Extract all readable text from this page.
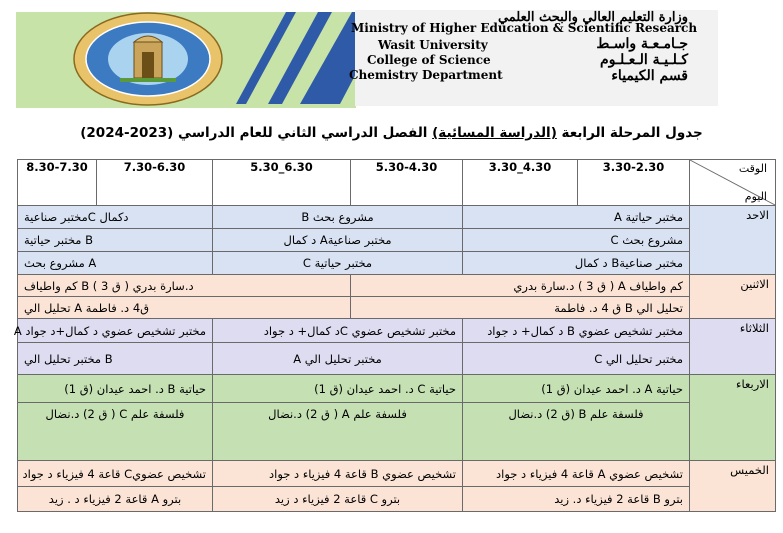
وزارة التعليم العالي والبحث العلمي
Ministry of Higher Education & Scientific Research
Wasit University
College of Science
Chemistry Department
جـامـعـة واسـط
كـلـيـة الـعـلـوم
قسم الكيمياء
جدول المرحلة الرابعة (الدراسة المسائية) الفصل الدراسي الثاني للعام الدراسي (2023-2024)
الوقت
اليوم	3.30-2.30	4.30_3.30	5.30-4.30	6.30_5.30	7.30-6.30	8.30-7.30
الاحد	مختبر حياتية A		مشروع بحث B		مختبر صناعيةC دكمال	
	مشروع بحث C		مختبر صناعيةA د كمال		مختبر حياتية B	
	مختبر صناعيةB د كمال		مختبر حياتية C		مشروع بحث A	
الاثنين	كم واطياف A ( ق 3 ) د.سارة بدري			كم واطياف B ( ق 3 ) د.سارة بدري		
	تحليل الي B ق 4 د. فاطمة			تحليل الي A ق4 د. فاطمة		
الثلاثاء	مختبر تشخيص عضوي B د كمال+ د جواد		مختبر تشخيص عضوي Cد كمال+ د جواد		مختبر تشخيص عضوي د كمال+د جواد A	
	مختبر تحليل الي C		مختبر تحليل الي A		مختبر تحليل الي B	
الاربعاء	حياتية A د. احمد عيدان (ق 1)		حياتية C د. احمد عيدان (ق 1)		حياتية B د. احمد عيدان (ق 1)	
	فلسفة علم B (ق 2) د.نضال		فلسفة علم A ( ق 2) د.نضال		فلسفة علم C ( ق 2) د.نضال	
الخميس	تشخيص عضوي A قاعة 4 فيزياء د جواد		تشخيص عضوي B قاعة 4 فيزياء د جواد		تشخيص عضويC قاعة 4 فيزياء د جواد	
	بترو B قاعة 2 فيزياء د. زيد		بترو C قاعة 2 فيزياء د زيد		بترو A قاعة 2 فيزياء د . زيد	
